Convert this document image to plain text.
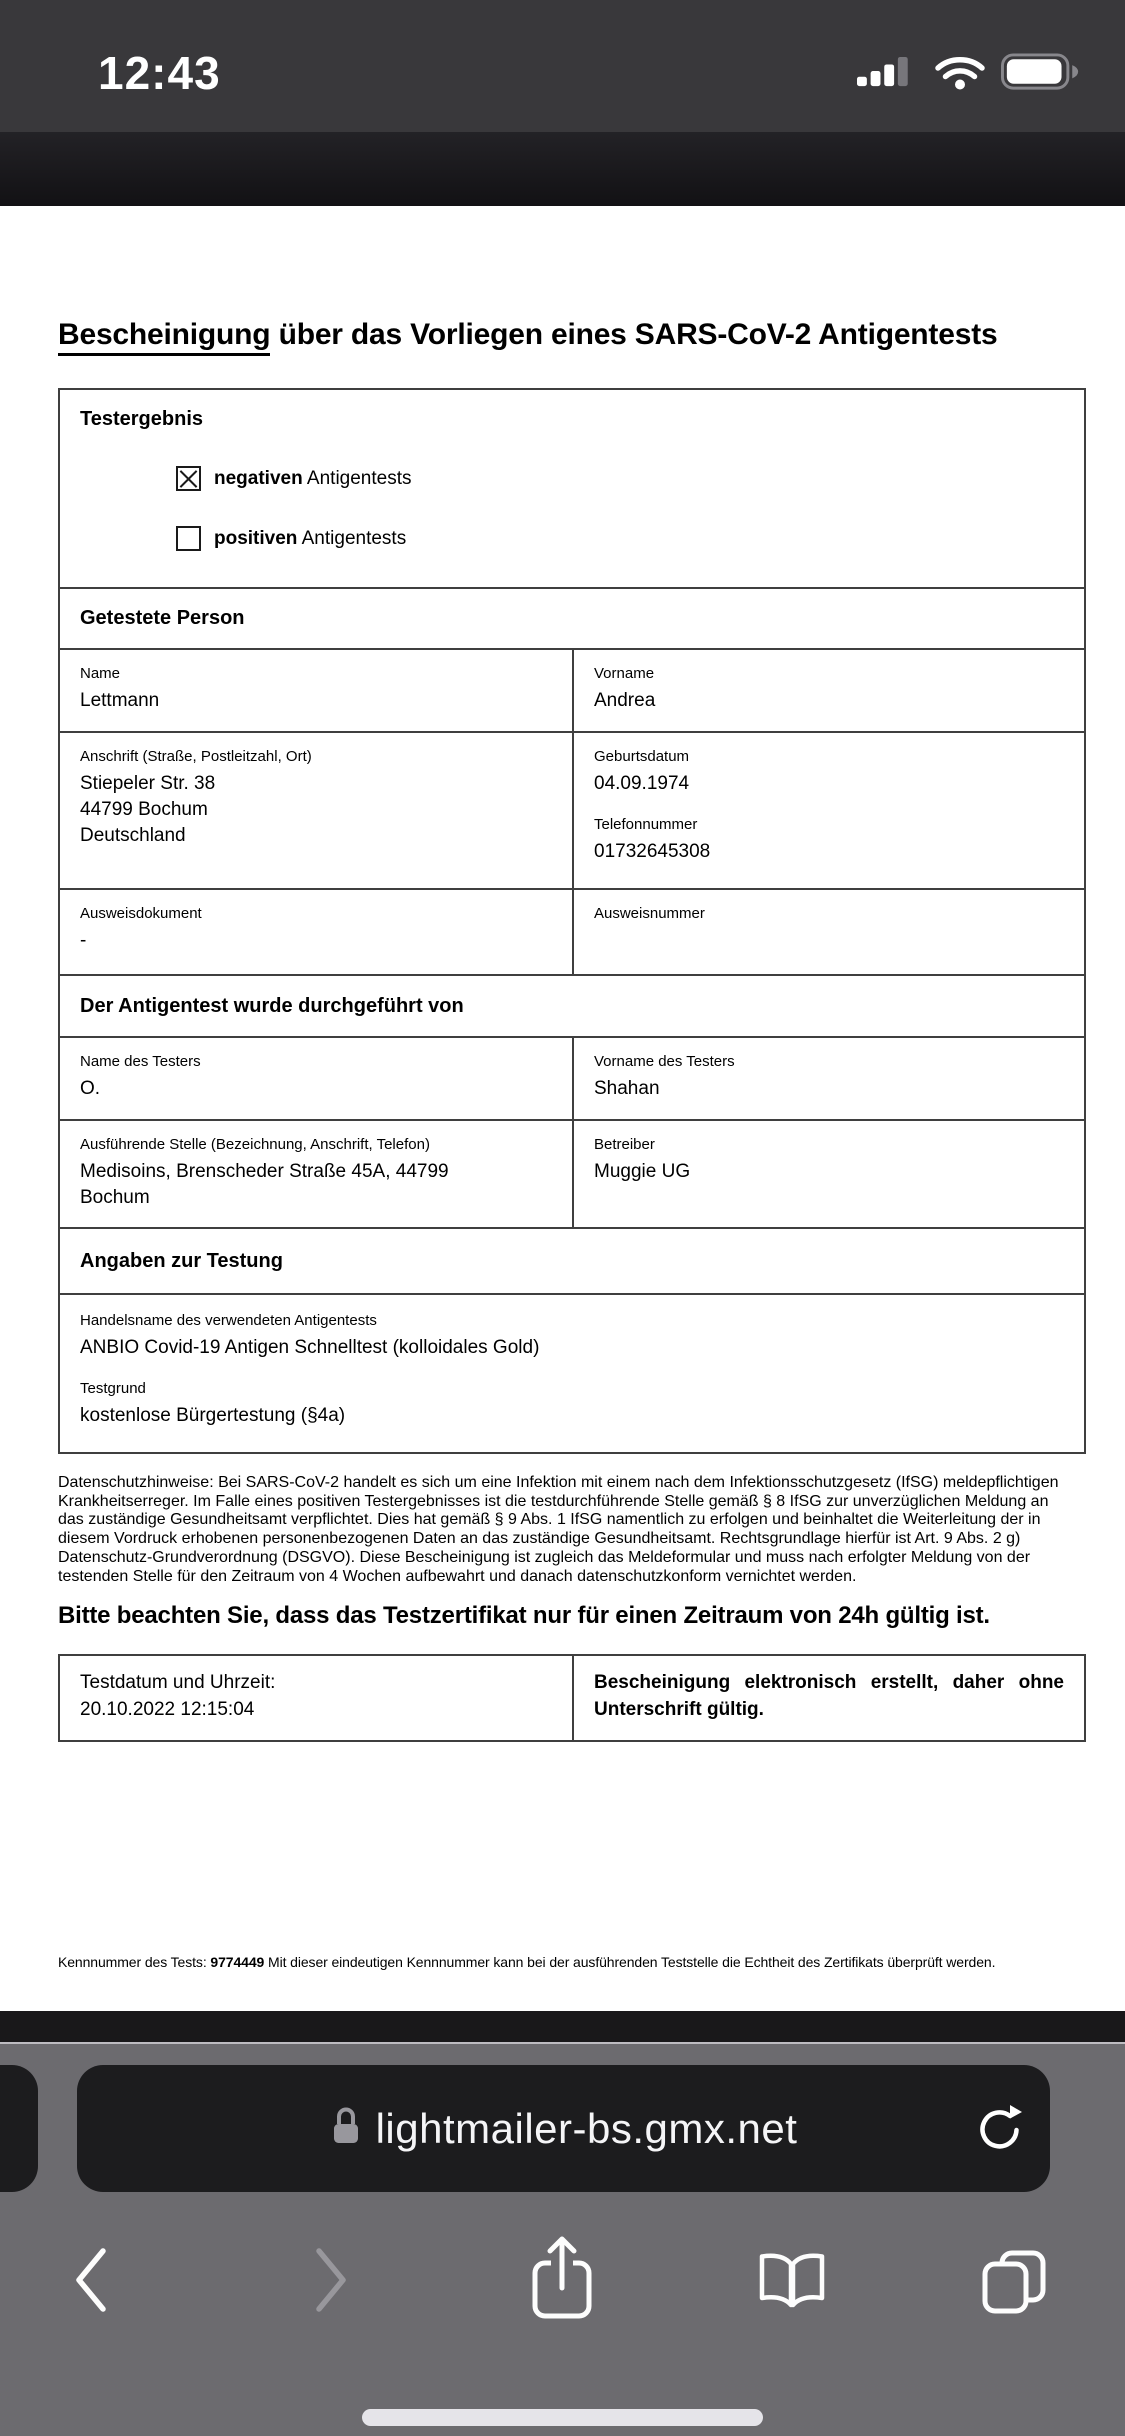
12:43
Bescheinigung über das Vorliegen eines SARS-CoV-2 Antigentests
Testergebnis
negativen Antigentests
positiven Antigentests
Getestete Person
Name
Lettmann
Vorname
Andrea
Anschrift (Straße, Postleitzahl, Ort)
Stiepeler Str. 38
44799 Bochum
Deutschland
Geburtsdatum
04.09.1974
Telefonnummer
01732645308
Ausweisdokument
-
Ausweisnummer
Der Antigentest wurde durchgeführt von
Name des Testers
O.
Vorname des Testers
Shahan
Ausführende Stelle (Bezeichnung, Anschrift, Telefon)
Medisoins, Brenscheder Straße 45A, 44799 Bochum
Betreiber
Muggie UG
Angaben zur Testung
Handelsname des verwendeten Antigentests
ANBIO Covid-19 Antigen Schnelltest (kolloidales Gold)
Testgrund
kostenlose Bürgertestung (§4a)

Datenschutzhinweise: Bei SARS-CoV-2 handelt es sich um eine Infektion mit einem nach dem Infektionsschutzgesetz (IfSG) meldepflichtigen Krankheitserreger. Im Falle eines positiven Testergebnisses ist die testdurchführende Stelle gemäß § 8 IfSG zur unverzüglichen Meldung an das zuständige Gesundheitsamt verpflichtet. Dies hat gemäß § 9 Abs. 1 IfSG namentlich zu erfolgen und beinhaltet die Weiterleitung der in diesem Vordruck erhobenen personenbezogenen Daten an das zuständige Gesundheitsamt. Rechtsgrundlage hierfür ist Art. 9 Abs. 2 g) Datenschutz-Grundverordnung (DSGVO). Diese Bescheinigung ist zugleich das Meldeformular und muss nach erfolgter Meldung von der testenden Stelle für den Zeitraum von 4 Wochen aufbewahrt und danach datenschutzkonform vernichtet werden.

Bitte beachten Sie, dass das Testzertifikat nur für einen Zeitraum von 24h gültig ist.

Testdatum und Uhrzeit:
20.10.2022 12:15:04
Bescheinigung elektronisch erstellt, daher ohne Unterschrift gültig.

Kennnummer des Tests: 9774449 Mit dieser eindeutigen Kennnummer kann bei der ausführenden Teststelle die Echtheit des Zertifikats überprüft werden.

lightmailer-bs.gmx.net
